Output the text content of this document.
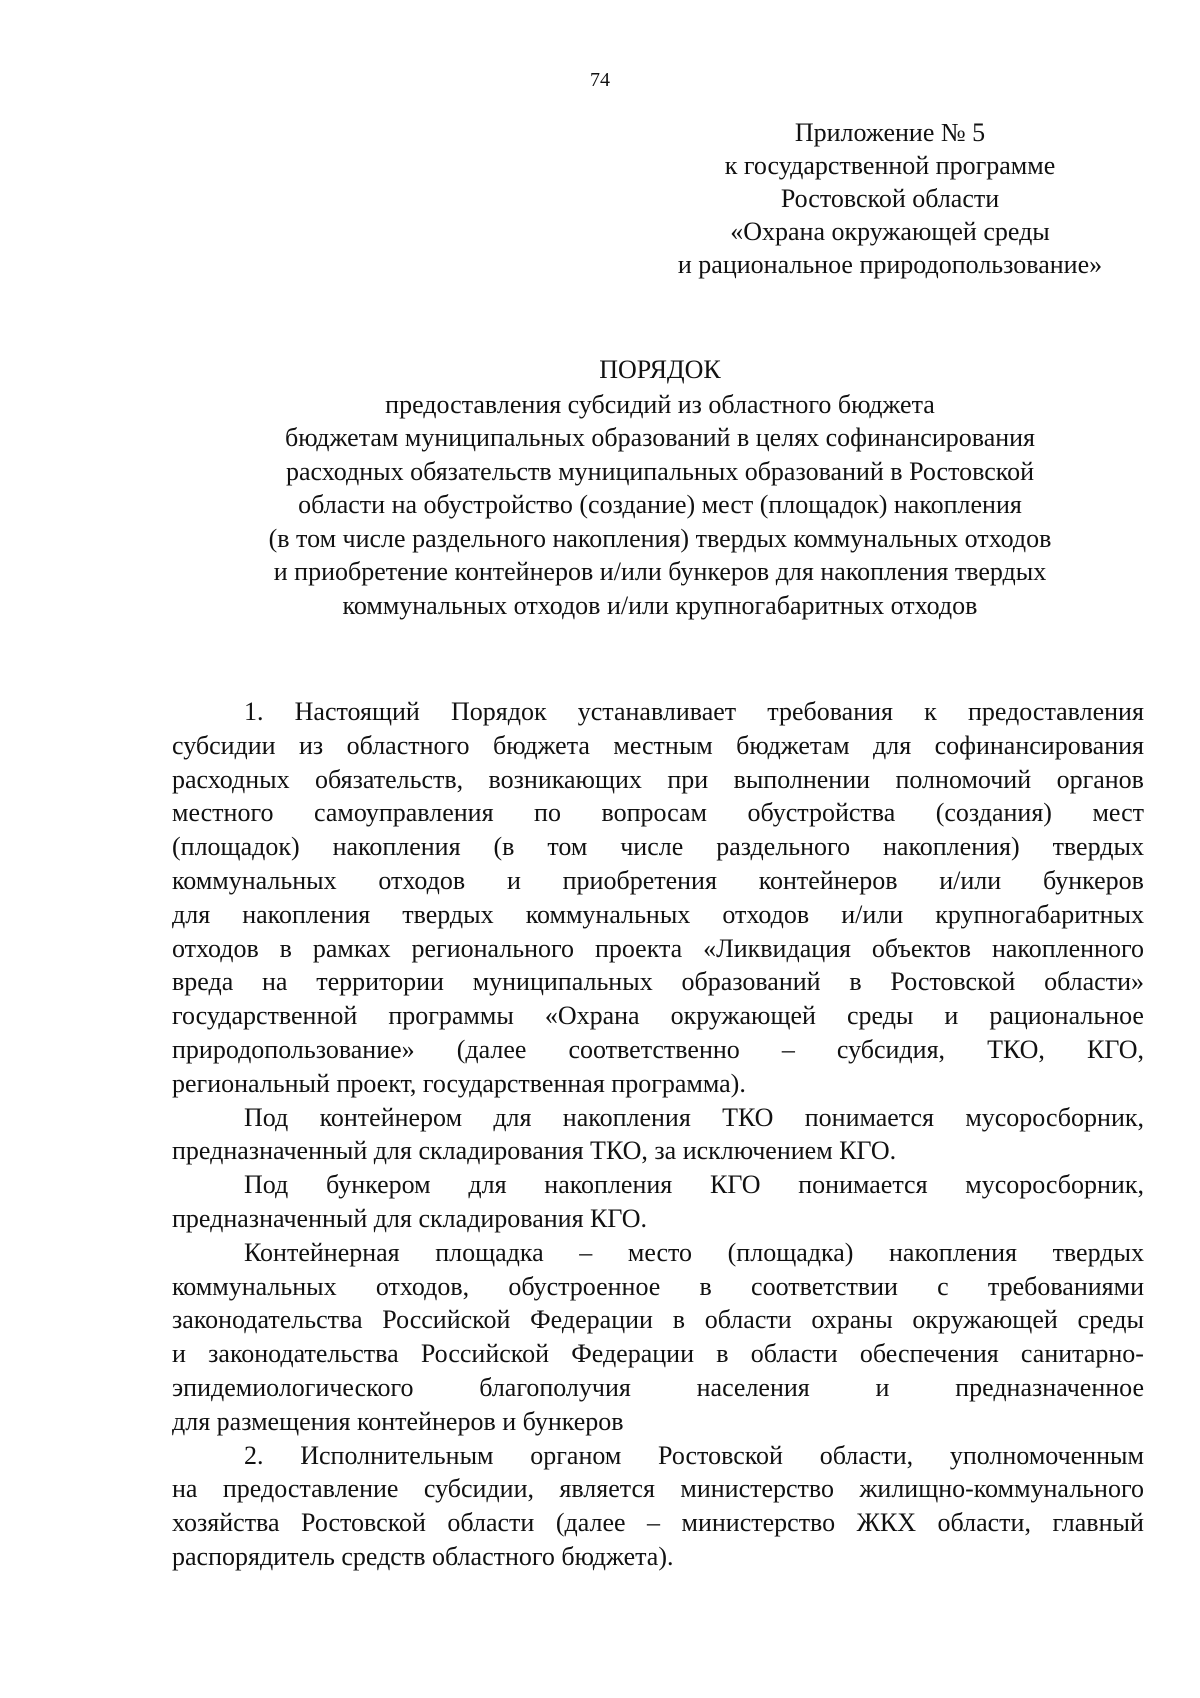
74
Приложение № 5
к государственной программе
Ростовской области
«Охрана окружающей среды
и рациональное природопользование»
ПОРЯДОК
предоставления субсидий из областного бюджета
бюджетам муниципальных образований в целях софинансирования
расходных обязательств муниципальных образований в Ростовской
области на обустройство (создание) мест (площадок) накопления
(в том числе раздельного накопления) твердых коммунальных отходов
и приобретение контейнеров и/или бункеров для накопления твердых
коммунальных отходов и/или крупногабаритных отходов
1. Настоящий Порядок устанавливает требования к предоставления
субсидии из областного бюджета местным бюджетам для софинансирования
расходных обязательств, возникающих при выполнении полномочий органов
местного самоуправления по вопросам обустройства (создания) мест
(площадок) накопления (в том числе раздельного накопления) твердых
коммунальных отходов и приобретения контейнеров и/или бункеров
для накопления твердых коммунальных отходов и/или крупногабаритных
отходов в рамках регионального проекта «Ликвидация объектов накопленного
вреда на территории муниципальных образований в Ростовской области»
государственной программы «Охрана окружающей среды и рациональное
природопользование» (далее соответственно – субсидия, ТКО, КГО,
региональный проект, государственная программа).
Под контейнером для накопления ТКО понимается мусоросборник,
предназначенный для складирования ТКО, за исключением КГО.
Под бункером для накопления КГО понимается мусоросборник,
предназначенный для складирования КГО.
Контейнерная площадка – место (площадка) накопления твердых
коммунальных отходов, обустроенное в соответствии с требованиями
законодательства Российской Федерации в области охраны окружающей среды
и законодательства Российской Федерации в области обеспечения санитарно-
эпидемиологического	благополучия	населения	и	предназначенное
для размещения контейнеров и бункеров
2. Исполнительным органом Ростовской области, уполномоченным
на предоставление субсидии, является министерство жилищно-коммунального
хозяйства Ростовской области (далее – министерство ЖКХ области, главный
распорядитель средств областного бюджета).
